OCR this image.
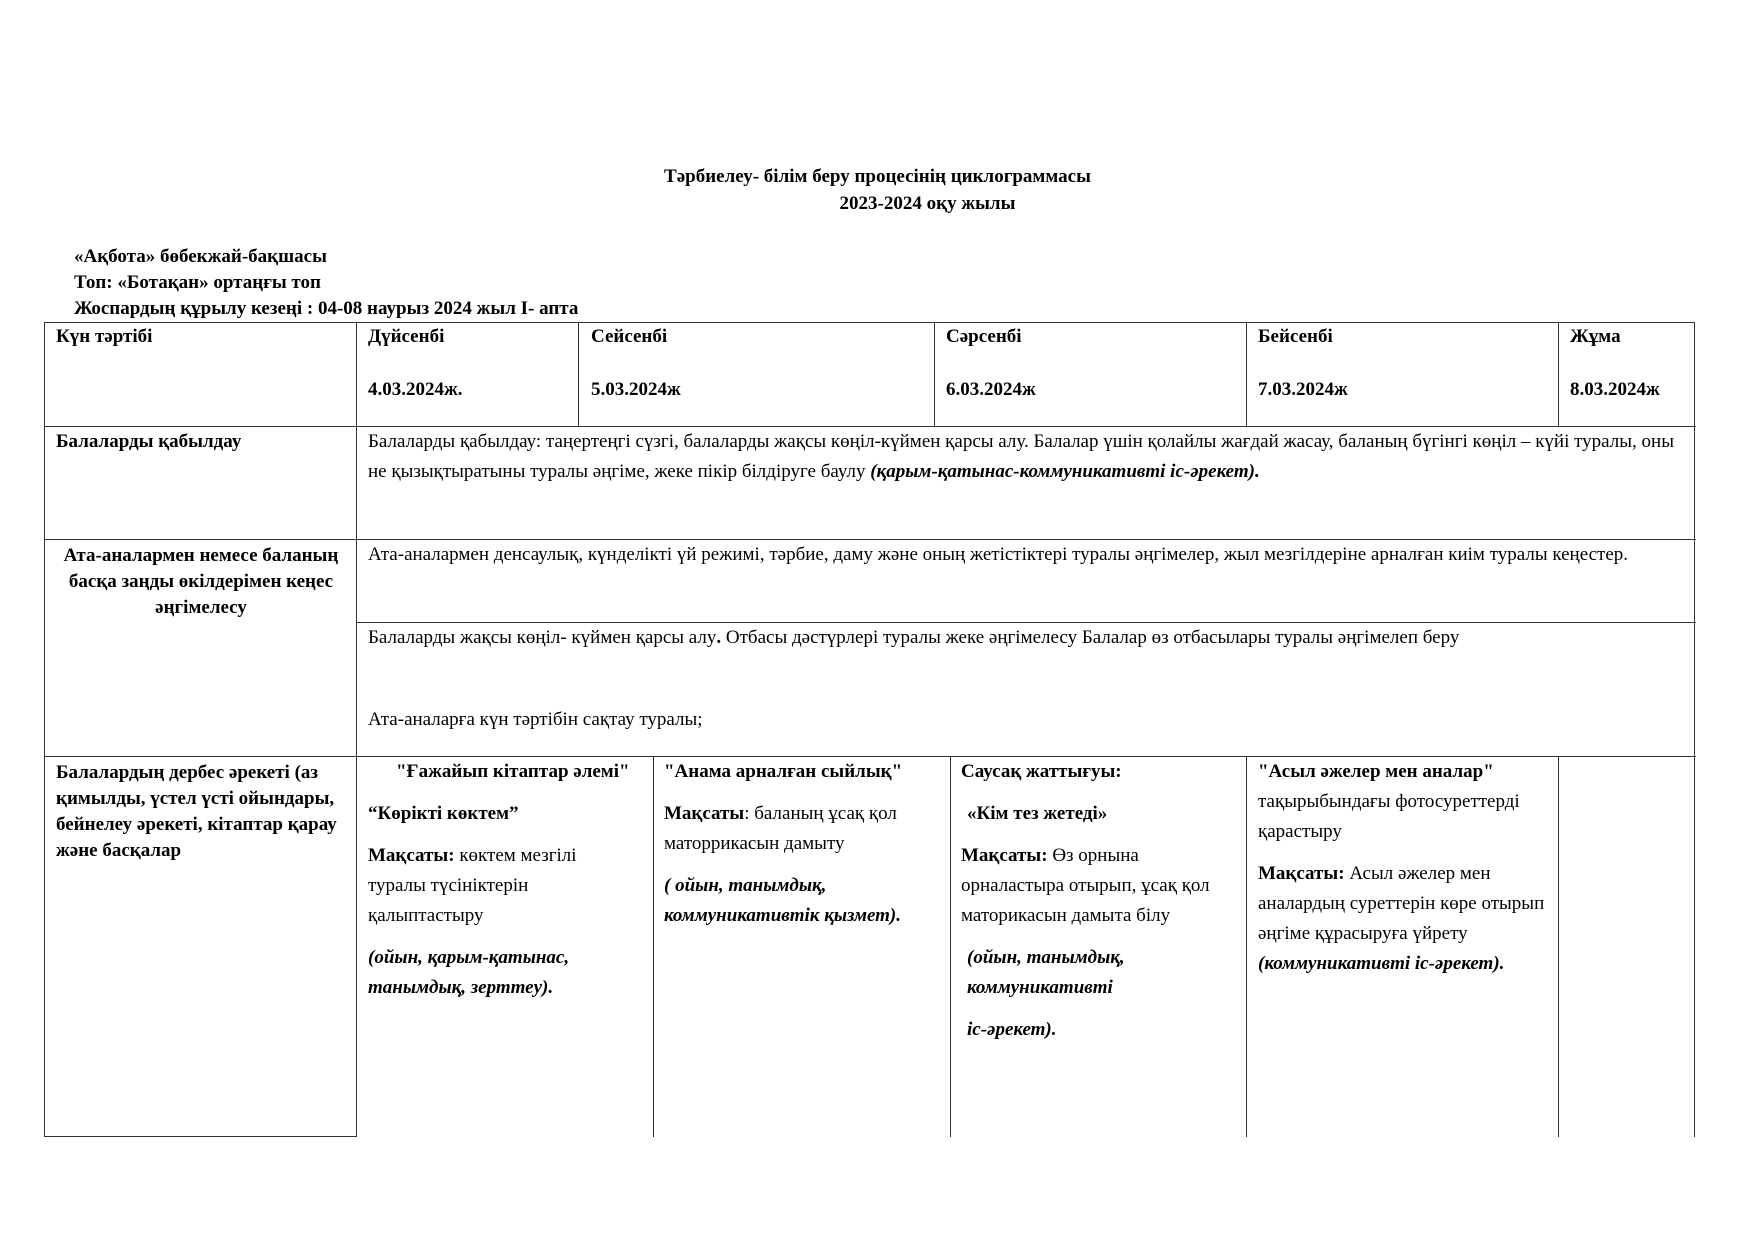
Тәрбиелеу- білім беру процесінің циклограммасы
2023-2024 оқу жылы
«Ақбота» бөбекжай-бақшасы
Топ: «Ботақан» ортаңғы топ
Жоспардың құрылу кезеңі : 04-08 наурыз 2024 жыл I- апта
Күн тәртібі	Дүйсенбі
4.03.2024ж.
Сейсенбі
5.03.2024ж
Сәрсенбі
6.03.2024ж
Бейсенбі
7.03.2024ж
Жұма
8.03.2024ж
Балаларды қабылдау	Балаларды қабылдау: таңертеңгі сүзгі, балаларды жақсы көңіл-күймен қарсы алу. Балалар үшін қолайлы жағдай жасау, баланың бүгінгі көңіл – күйі туралы, оны не қызықтыратыны туралы әңгіме, жеке пікір білдіруге баулу (қарым-қатынас-коммуникативті іс-әрекет).
Ата-аналармен немесе баланың басқа заңды өкілдерімен кеңес әңгімелесу
Ата-аналармен денсаулық, күнделікті үй режимі, тәрбие, даму және оның жетістіктері туралы әңгімелер, жыл мезгілдеріне арналған киім туралы кеңестер.
Балаларды жақсы көңіл- күймен қарсы алу. Отбасы дәстүрлері туралы жеке әңгімелесу Балалар өз отбасылары туралы әңгімелеп беру
Ата-аналарға күн тәртібін сақтау туралы;
Балалардың дербес әрекеті (аз қимылды, үстел үсті ойындары, бейнелеу әрекеті, кітаптар қарау және басқалар

"Ғажайып кітаптар әлемі"

“Көрікті көктем”

Мақсаты: көктем мезгілі туралы түсініктерін қалыптастыру

(ойын, қарым-қатынас, танымдық, зерттеу).

"Анама арналған сыйлық"

Мақсаты: баланың ұсақ қол маторрикасын дамыту

( ойын, танымдық, коммуникативтік қызмет).

Саусақ жаттығуы:

«Кім тез жетеді»

Мақсаты: Өз орнына орналастыра отырып, ұсақ қол маторикасын дамыта білу

(ойын, танымдық, коммуникативті

іс-әрекет).

"Асыл әжелер мен аналар" тақырыбындағы фотосуреттерді қарастыру

Мақсаты: Асыл әжелер мен аналардың суреттерін көре отырып әңгіме құрасыруға үйрету (коммуникативті іс-әрекет).
